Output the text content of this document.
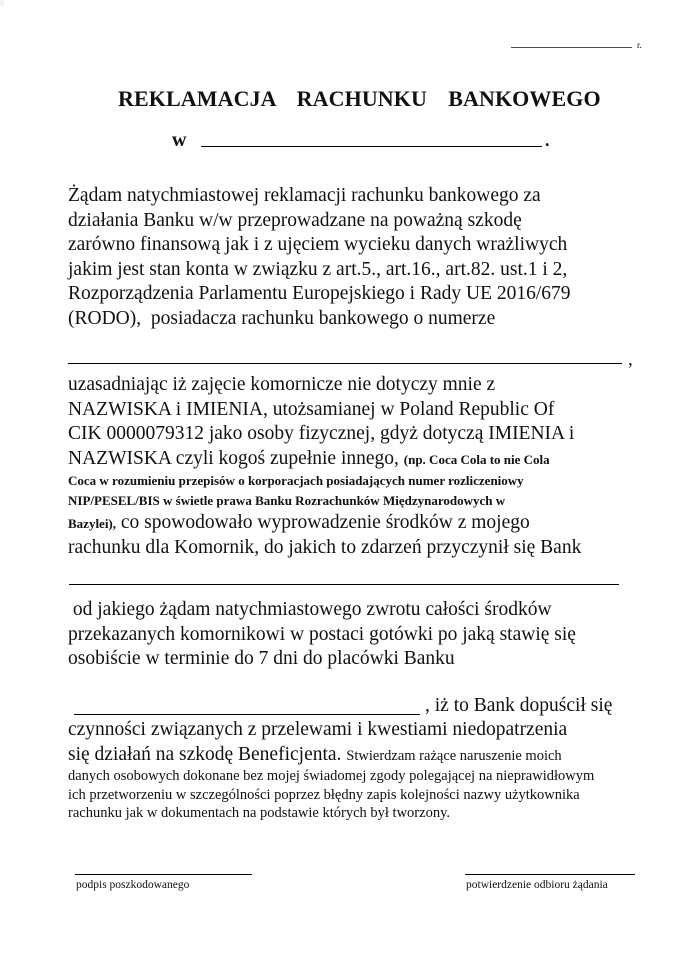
r.
REKLAMACJA  RACHUNKU  BANKOWEGO
w	.
Żądam natychmiastowej reklamacji rachunku bankowego za
działania Banku w/w przeprowadzane na poważną szkodę
zarówno finansową jak i z ujęciem wycieku danych wrażliwych
jakim jest stan konta w związku z art.5., art.16., art.82. ust.1 i 2,
Rozporządzenia Parlamentu Europejskiego i Rady UE 2016/679
(RODO),  posiadacza rachunku bankowego o numerze
,
uzasadniając iż zajęcie komornicze nie dotyczy mnie z
NAZWISKA i IMIENIA, utożsamianej w Poland Republic Of
CIK 0000079312 jako osoby fizycznej, gdyż dotyczą IMIENIA i
NAZWISKA czyli kogoś zupełnie innego, (np. Coca Cola to nie Cola
Coca w rozumieniu przepisów o korporacjach posiadających numer rozliczeniowy
NIP/PESEL/BIS w świetle prawa Banku Rozrachunków Międzynarodowych w
Bazylei), co spowodowało wyprowadzenie środków z mojego
rachunku dla Komornik, do jakich to zdarzeń przyczynił się Bank
od jakiego żądam natychmiastowego zwrotu całości środków
przekazanych komornikowi w postaci gotówki po jaką stawię się
osobiście w terminie do 7 dni do placówki Banku
, iż to Bank dopuścił się
czynności związanych z przelewami i kwestiami niedopatrzenia
się działań na szkodę Beneficjenta. Stwierdzam rażące naruszenie moich
danych osobowych dokonane bez mojej świadomej zgody polegającej na nieprawidłowym
ich przetworzeniu w szczególności poprzez błędny zapis kolejności nazwy użytkownika
rachunku jak w dokumentach na podstawie których był tworzony.
podpis poszkodowanego	potwierdzenie odbioru żądania
